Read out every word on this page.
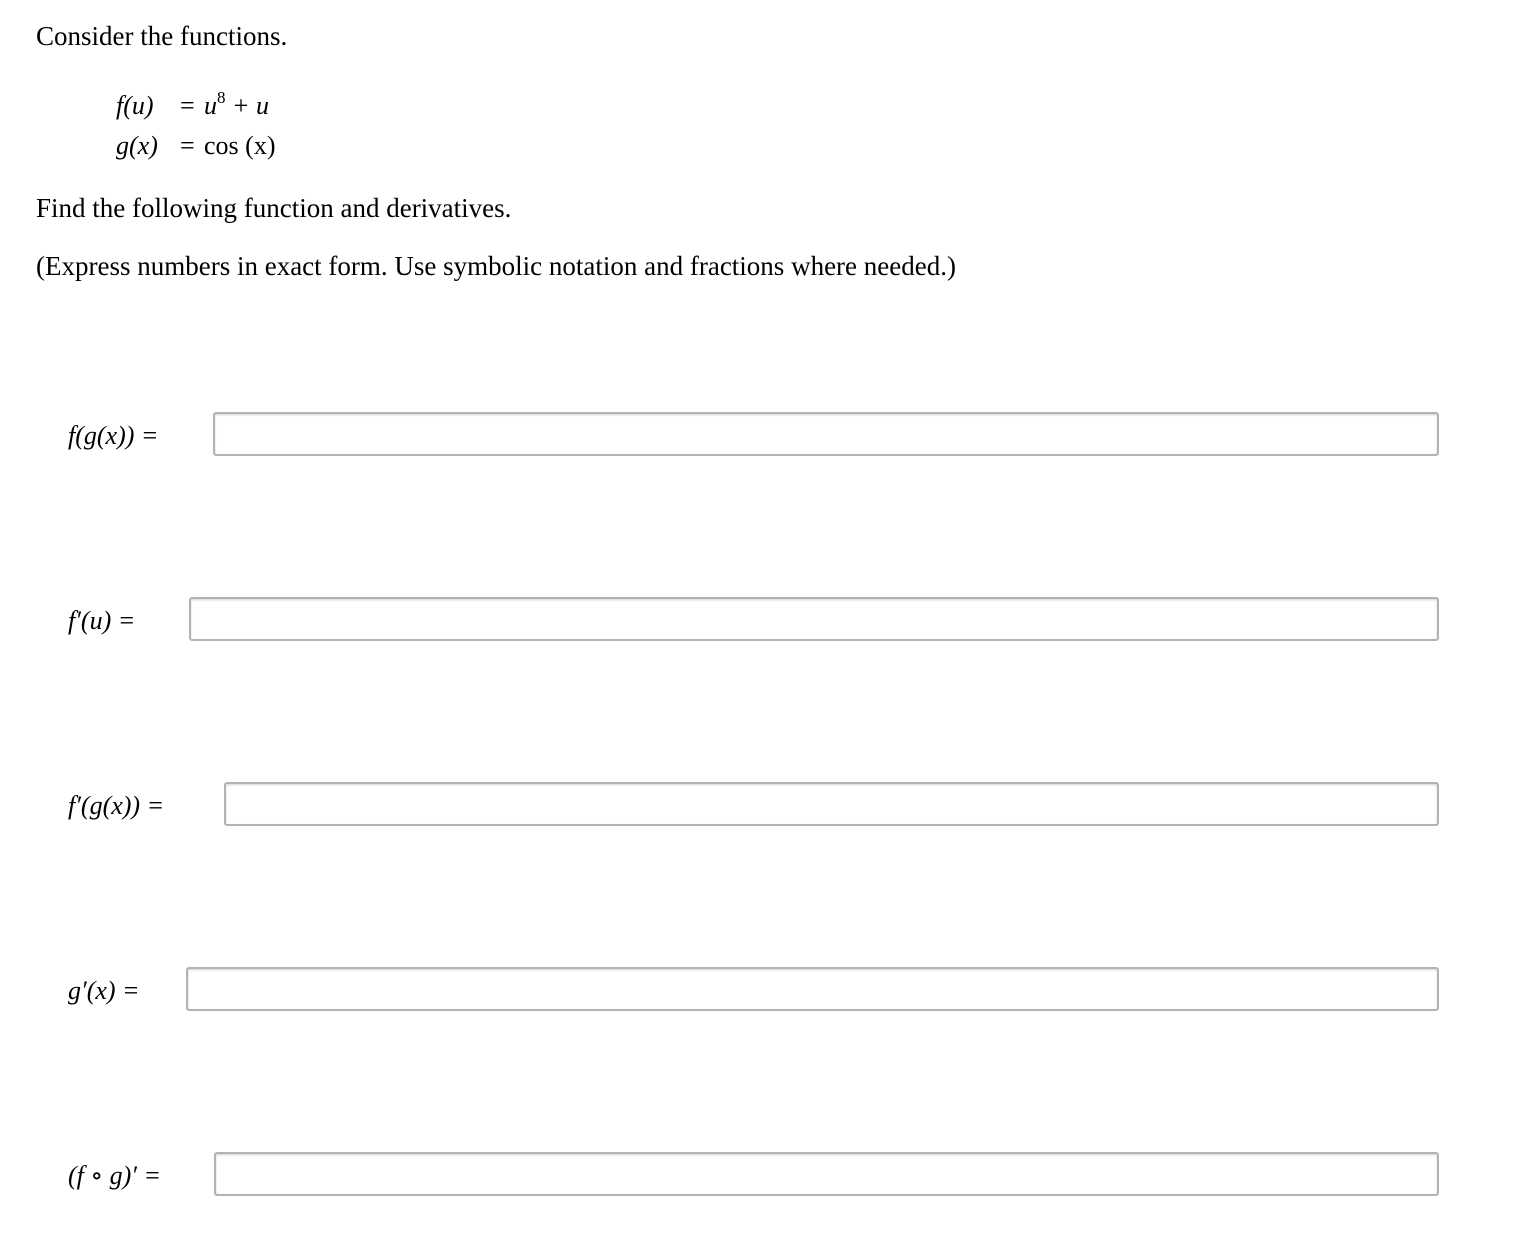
Consider the functions.
$f(u) = u^8 + u$
g(x) = cos (x)
Find the following function and derivatives.
(Express numbers in exact form. Use symbolic notation and fractions where needed.)
f(g(x)) =
f′(u) =
f′(g(x)) =
g′(x) =
(f ∘ g)′ =
